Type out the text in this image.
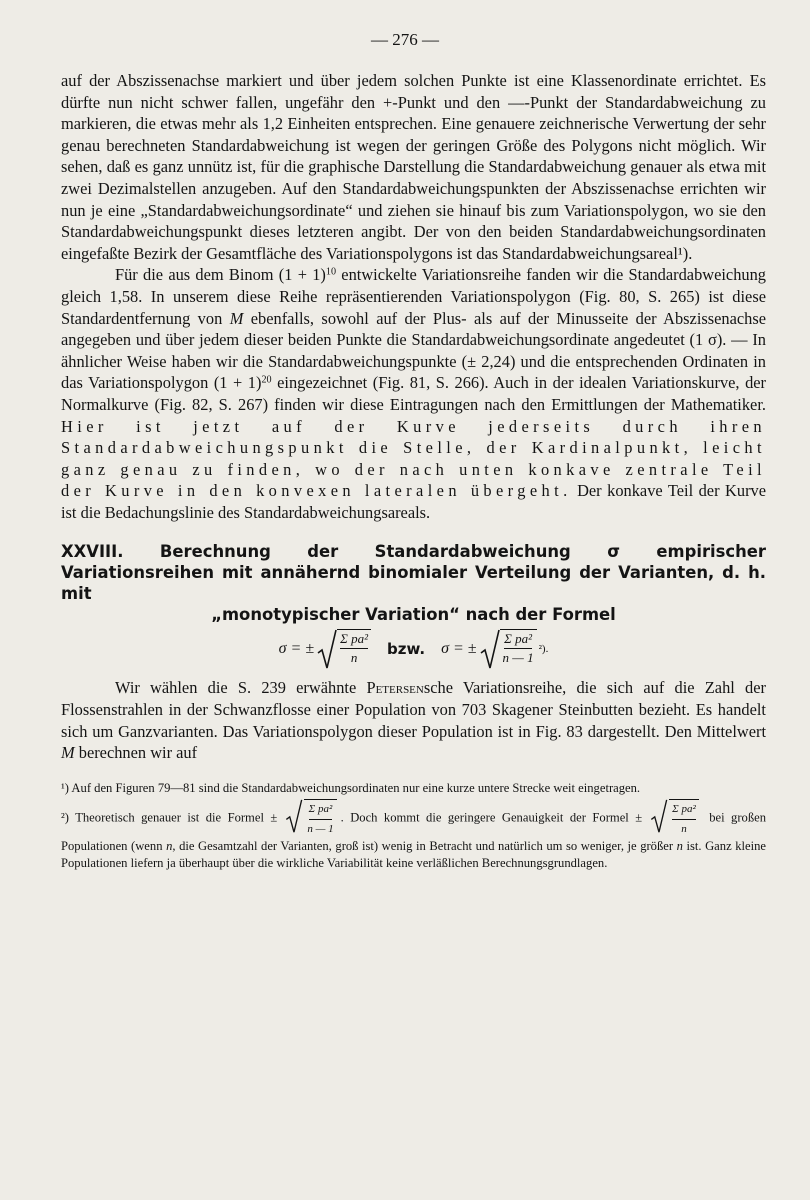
— 276 —

auf der Abszissenachse markiert und über jedem solchen Punkte ist eine Klassenordinate errichtet. Es dürfte nun nicht schwer fallen, ungefähr den +-Punkt und den —-Punkt der Standardabweichung zu markieren, die etwas mehr als 1,2 Einheiten entsprechen. Eine genauere zeichnerische Verwertung der sehr genau berechneten Standardabweichung ist wegen der geringen Größe des Polygons nicht möglich. Wir sehen, daß es ganz unnütz ist, für die graphische Darstellung die Standardabweichung genauer als etwa mit zwei Dezimalstellen anzugeben. Auf den Standardabweichungspunkten der Abszissenachse errichten wir nun je eine „Standardabweichungsordinate“ und ziehen sie hinauf bis zum Variationspolygon, wo sie den Standardabweichungspunkt dieses letzteren angibt. Der von den beiden Standardabweichungsordinaten eingefaßte Bezirk der Gesamtfläche des Variationspolygons ist das Standardabweichungsareal¹).

Für die aus dem Binom $(1 + 1)^{10}$ entwickelte Variationsreihe fanden wir die Standardabweichung gleich 1,58. In unserem diese Reihe repräsentierenden Variationspolygon (Fig. 80, S. 265) ist diese Standardentfernung von M ebenfalls, sowohl auf der Plus- als auf der Minusseite der Abszissenachse angegeben und über jedem dieser beiden Punkte die Standardabweichungsordinate angedeutet (1 σ). — In ähnlicher Weise haben wir die Standardabweichungspunkte (± 2,24) und die entsprechenden Ordinaten in das Variationspolygon $(1 + 1)^{20}$ eingezeichnet (Fig. 81, S. 266). Auch in der idealen Variationskurve, der Normalkurve (Fig. 82, S. 267) finden wir diese Eintragungen nach den Ermittlungen der Mathematiker. Hier ist jetzt auf der Kurve jederseits durch ihren Standardabweichungspunkt die Stelle, der Kardinalpunkt, leicht ganz genau zu finden, wo der nach unten konkave zentrale Teil der Kurve in den konvexen lateralen übergeht. Der konkave Teil der Kurve ist die Bedachungslinie des Standardabweichungsareals.

XXVIII. Berechnung der Standardabweichung σ empirischer Variationsreihen mit annähernd binomialer Verteilung der Varianten, d. h. mit
„monotypischer Variation“ nach der Formel
σ = ± $\frac{\text{Σ pa²}}{n}$ bzw. σ = ± $\frac{\text{Σ pa²}}{n — 1} ^2$).

Wir wählen die S. 239 erwähnte Petersensche Variationsreihe, die sich auf die Zahl der Flossenstrahlen in der Schwanzflosse einer Population von 703 Skagener Steinbutten bezieht. Es handelt sich um Ganzvarianten. Das Variationspolygon dieser Population ist in Fig. 83 dargestellt. Den Mittelwert M berechnen wir auf

¹) Auf den Figuren 79—81 sind die Standardabweichungsordinaten nur eine kurze untere Strecke weit eingetragen.

²) Theoretisch genauer ist die Formel ± $\frac{\text{Σ pa²}}{n — 1}$ . Doch kommt die geringere Genauigkeit der Formel ± $\frac{\text{Σ pa²}}{n}$ bei großen Populationen (wenn n, die Gesamtzahl der Varianten, groß ist) wenig in Betracht und natürlich um so weniger, je größer n ist. Ganz kleine Populationen liefern ja überhaupt über die wirkliche Variabilität keine verläßlichen Berechnungsgrundlagen.
